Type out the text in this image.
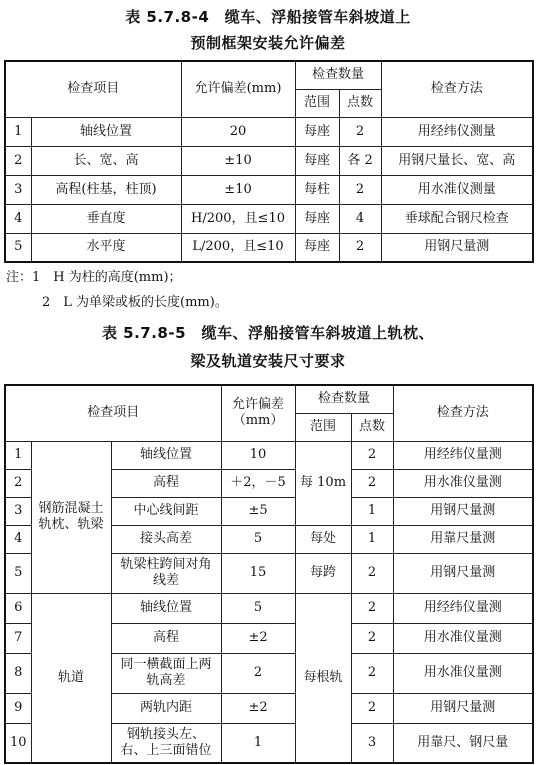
表 5.7.8-4　缆车、浮船接管车斜坡道上
预制框架安装允许偏差
检查项目		允许偏差(mm)	检查数量		检查方法
			范围	点数	
1	轴线位置	20	每座	2	用经纬仪测量
2	长、宽、高	±10	每座	各 2	用钢尺量长、宽、高
3	高程(柱基，柱顶)	±10	每柱	2	用水准仪测量
4	垂直度	H/200，且≤10	每座	4	垂球配合钢尺检查
5	水平度	L/200，且≤10	每座	2	用钢尺量测
注：1　H 为柱的高度(mm)；
2　L 为单梁或板的长度(mm)。
表 5.7.8-5　缆车、浮船接管车斜坡道上轨枕、
梁及轨道安装尺寸要求
检查项目			允许偏差（mm）	检查数量		检查方法
				范围	点数	
1	钢筋混凝土轨枕、轨梁	轴线位置	10	每 10m	2	用经纬仪量测
2		高程	＋2，－5		2	用水准仪量测
3		中心线间距	±5		1	用钢尺量测
4		接头高差	5	每处	1	用靠尺量测
5		轨梁柱跨间对角线差	15	每跨	2	用钢尺量测
6	轨道	轴线位置	5	每根轨	2	用经纬仪量测
7		高程	±2		2	用水准仪量测
8		同一横截面上两轨高差	2		2	用水准仪量测
9		两轨内距	±2		2	用钢尺量测
10		钢轨接头左、右、上三面错位	1		3	用靠尺、钢尺量
